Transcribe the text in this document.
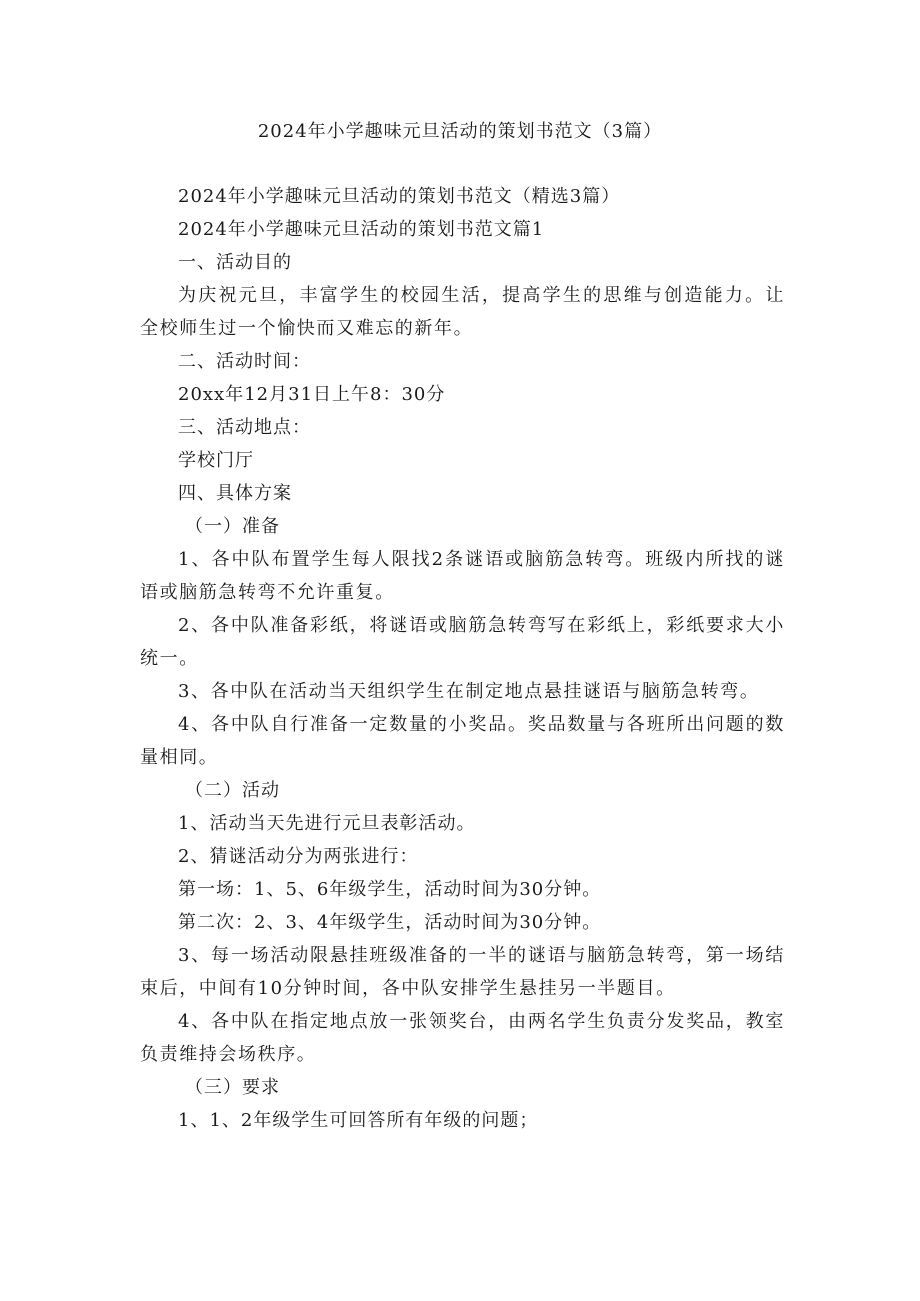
2024年小学趣味元旦活动的策划书范文（3篇）
2024年小学趣味元旦活动的策划书范文（精选3篇）
2024年小学趣味元旦活动的策划书范文篇1
一、活动目的
为庆祝元旦，丰富学生的校园生活，提高学生的思维与创造能力。让全校师生过一个愉快而又难忘的新年。
二、活动时间：
20xx年12月31日上午8：30分
三、活动地点：
学校门厅
四、具体方案
（一）准备
1、各中队布置学生每人限找2条谜语或脑筋急转弯。班级内所找的谜语或脑筋急转弯不允许重复。
2、各中队准备彩纸，将谜语或脑筋急转弯写在彩纸上，彩纸要求大小统一。
3、各中队在活动当天组织学生在制定地点悬挂谜语与脑筋急转弯。
4、各中队自行准备一定数量的小奖品。奖品数量与各班所出问题的数量相同。
（二）活动
1、活动当天先进行元旦表彰活动。
2、猜谜活动分为两张进行：
第一场：1、5、6年级学生，活动时间为30分钟。
第二次：2、3、4年级学生，活动时间为30分钟。
3、每一场活动限悬挂班级准备的一半的谜语与脑筋急转弯，第一场结束后，中间有10分钟时间，各中队安排学生悬挂另一半题目。
4、各中队在指定地点放一张领奖台，由两名学生负责分发奖品，教室负责维持会场秩序。
（三）要求
1、1、2年级学生可回答所有年级的问题；
